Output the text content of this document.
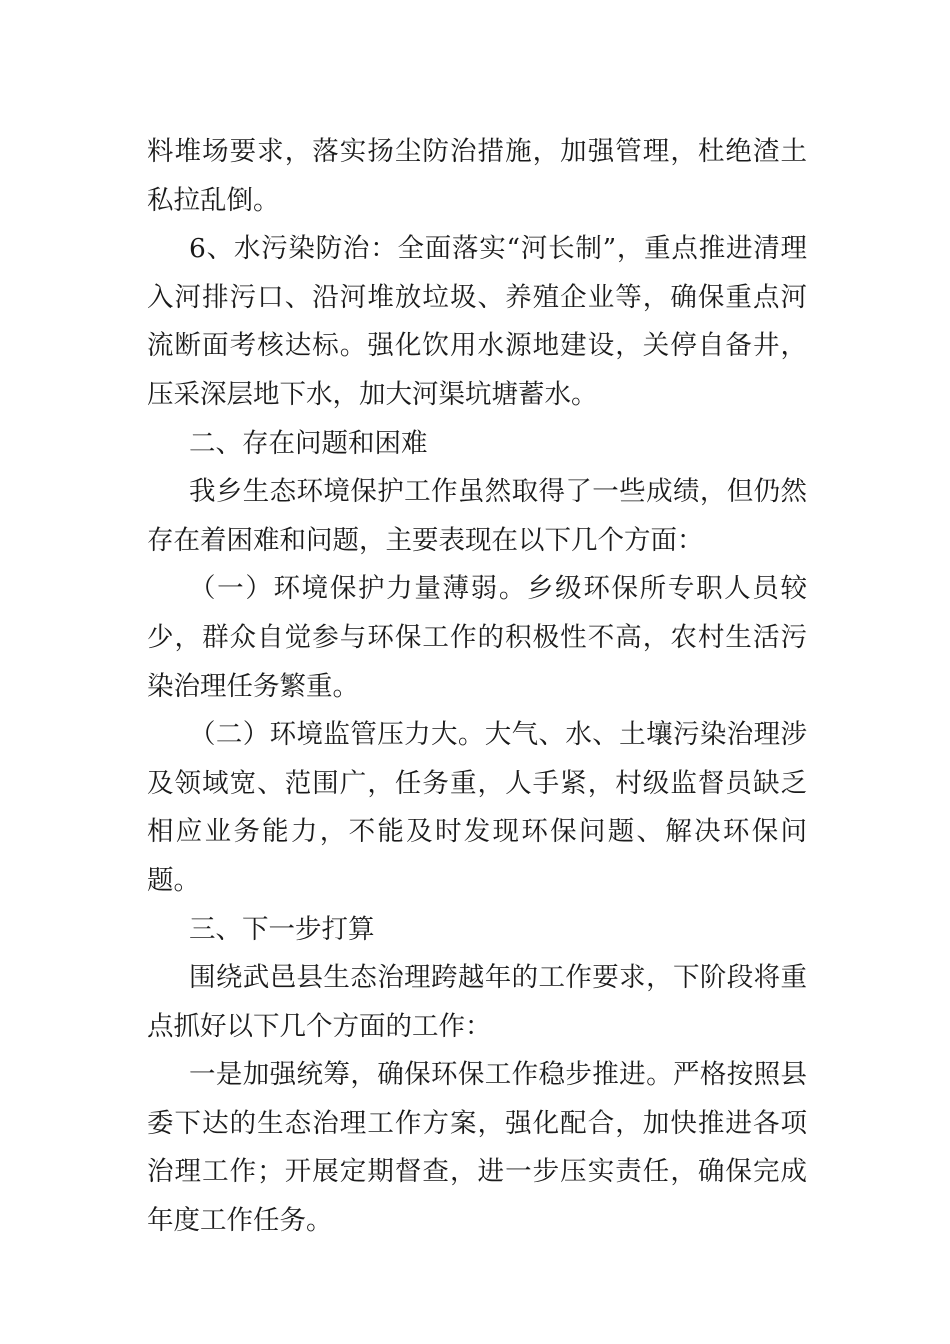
料堆场要求，落实扬尘防治措施，加强管理，杜绝渣土私拉乱倒。

6、水污染防治：全面落实“河长制”，重点推进清理入河排污口、沿河堆放垃圾、养殖企业等，确保重点河流断面考核达标。强化饮用水源地建设，关停自备井，压采深层地下水，加大河渠坑塘蓄水。

二、存在问题和困难

我乡生态环境保护工作虽然取得了一些成绩，但仍然存在着困难和问题，主要表现在以下几个方面：

（一）环境保护力量薄弱。乡级环保所专职人员较少，群众自觉参与环保工作的积极性不高，农村生活污染治理任务繁重。

（二）环境监管压力大。大气、水、土壤污染治理涉及领域宽、范围广，任务重，人手紧，村级监督员缺乏相应业务能力，不能及时发现环保问题、解决环保问题。

三、下一步打算

围绕武邑县生态治理跨越年的工作要求，下阶段将重点抓好以下几个方面的工作：

一是加强统筹，确保环保工作稳步推进。严格按照县委下达的生态治理工作方案，强化配合，加快推进各项治理工作；开展定期督查，进一步压实责任，确保完成年度工作任务。
